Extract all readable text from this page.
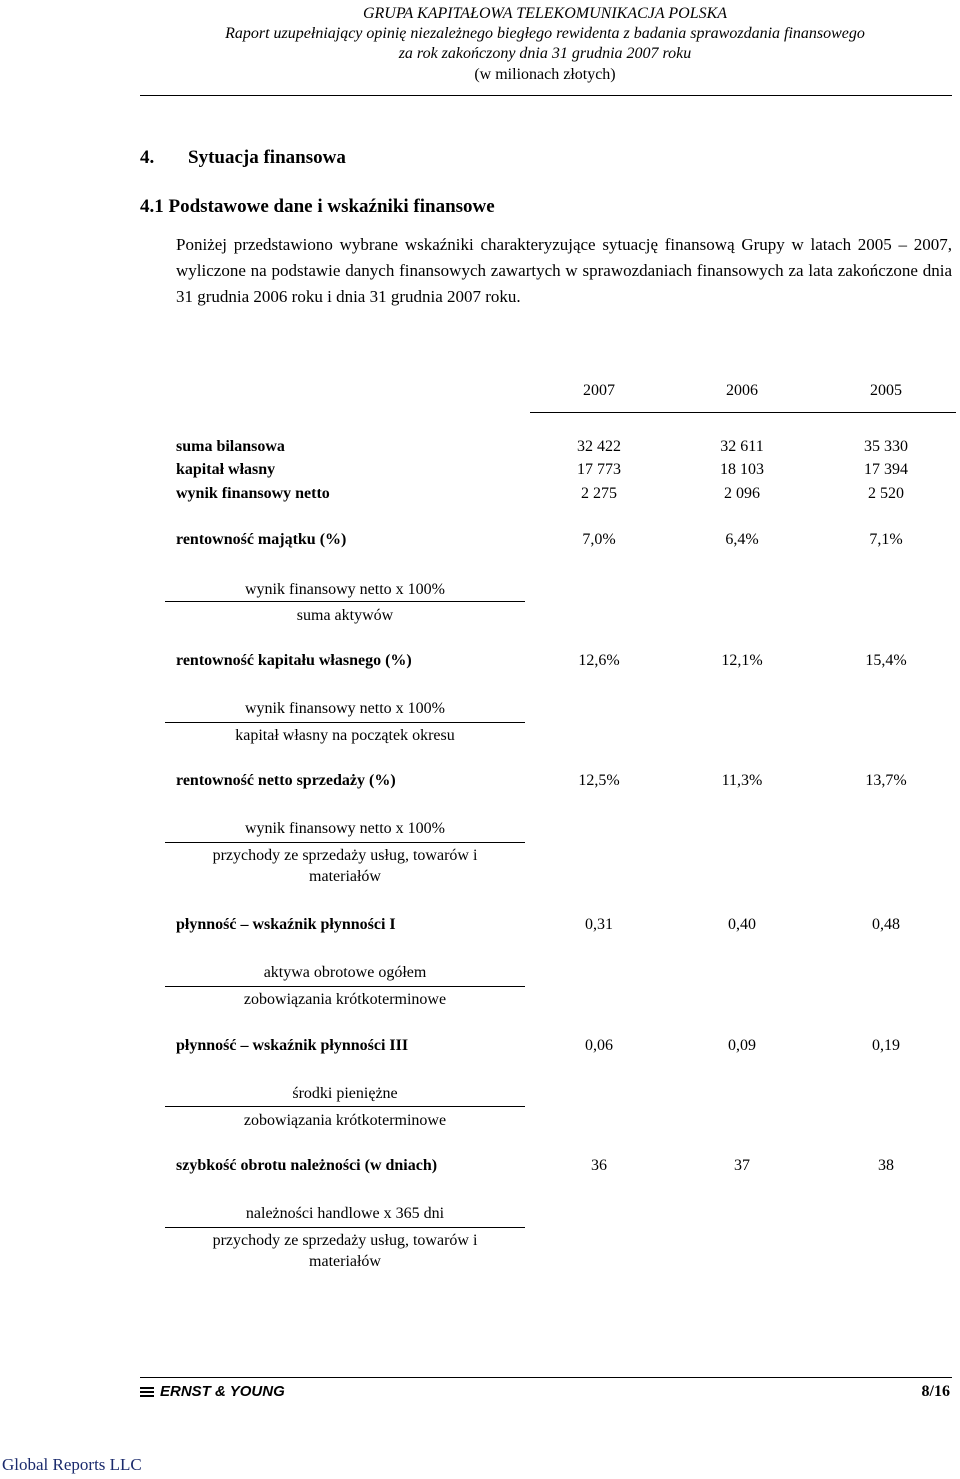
GRUPA KAPITAŁOWA TELEKOMUNIKACJA POLSKA
Raport uzupełniający opinię niezależnego biegłego rewidenta z badania sprawozdania finansowego
za rok zakończony dnia 31 grudnia 2007 roku
(w milionach złotych)
4. Sytuacja finansowa
4.1 Podstawowe dane i wskaźniki finansowe
Poniżej przedstawiono wybrane wskaźniki charakteryzujące sytuację finansową Grupy w latach 2005 – 2007, wyliczone na podstawie danych finansowych zawartych w sprawozdaniach finansowych za lata zakończone dnia 31 grudnia 2006 roku i dnia 31 grudnia 2007 roku.
2007	2006	2005
suma bilansowa	32 422	32 611	35 330
kapitał własny	17 773	18 103	17 394
wynik finansowy netto	2 275	2 096	2 520
rentowność majątku (%)	7,0%	6,4%	7,1%
wynik finansowy netto x 100%
suma aktywów
rentowność kapitału własnego (%)	12,6%	12,1%	15,4%
wynik finansowy netto x 100%
kapitał własny na początek okresu
rentowność netto sprzedaży (%)	12,5%	11,3%	13,7%
wynik finansowy netto x 100%
przychody ze sprzedaży usług, towarów i materiałów
płynność – wskaźnik płynności I	0,31	0,40	0,48
aktywa obrotowe ogółem
zobowiązania krótkoterminowe
płynność – wskaźnik płynności III	0,06	0,09	0,19
środki pieniężne
zobowiązania krótkoterminowe
szybkość obrotu należności (w dniach)	36	37	38
należności handlowe x 365 dni
przychody ze sprzedaży usług, towarów i materiałów
ERNST & YOUNG	8/16
Global Reports LLC
